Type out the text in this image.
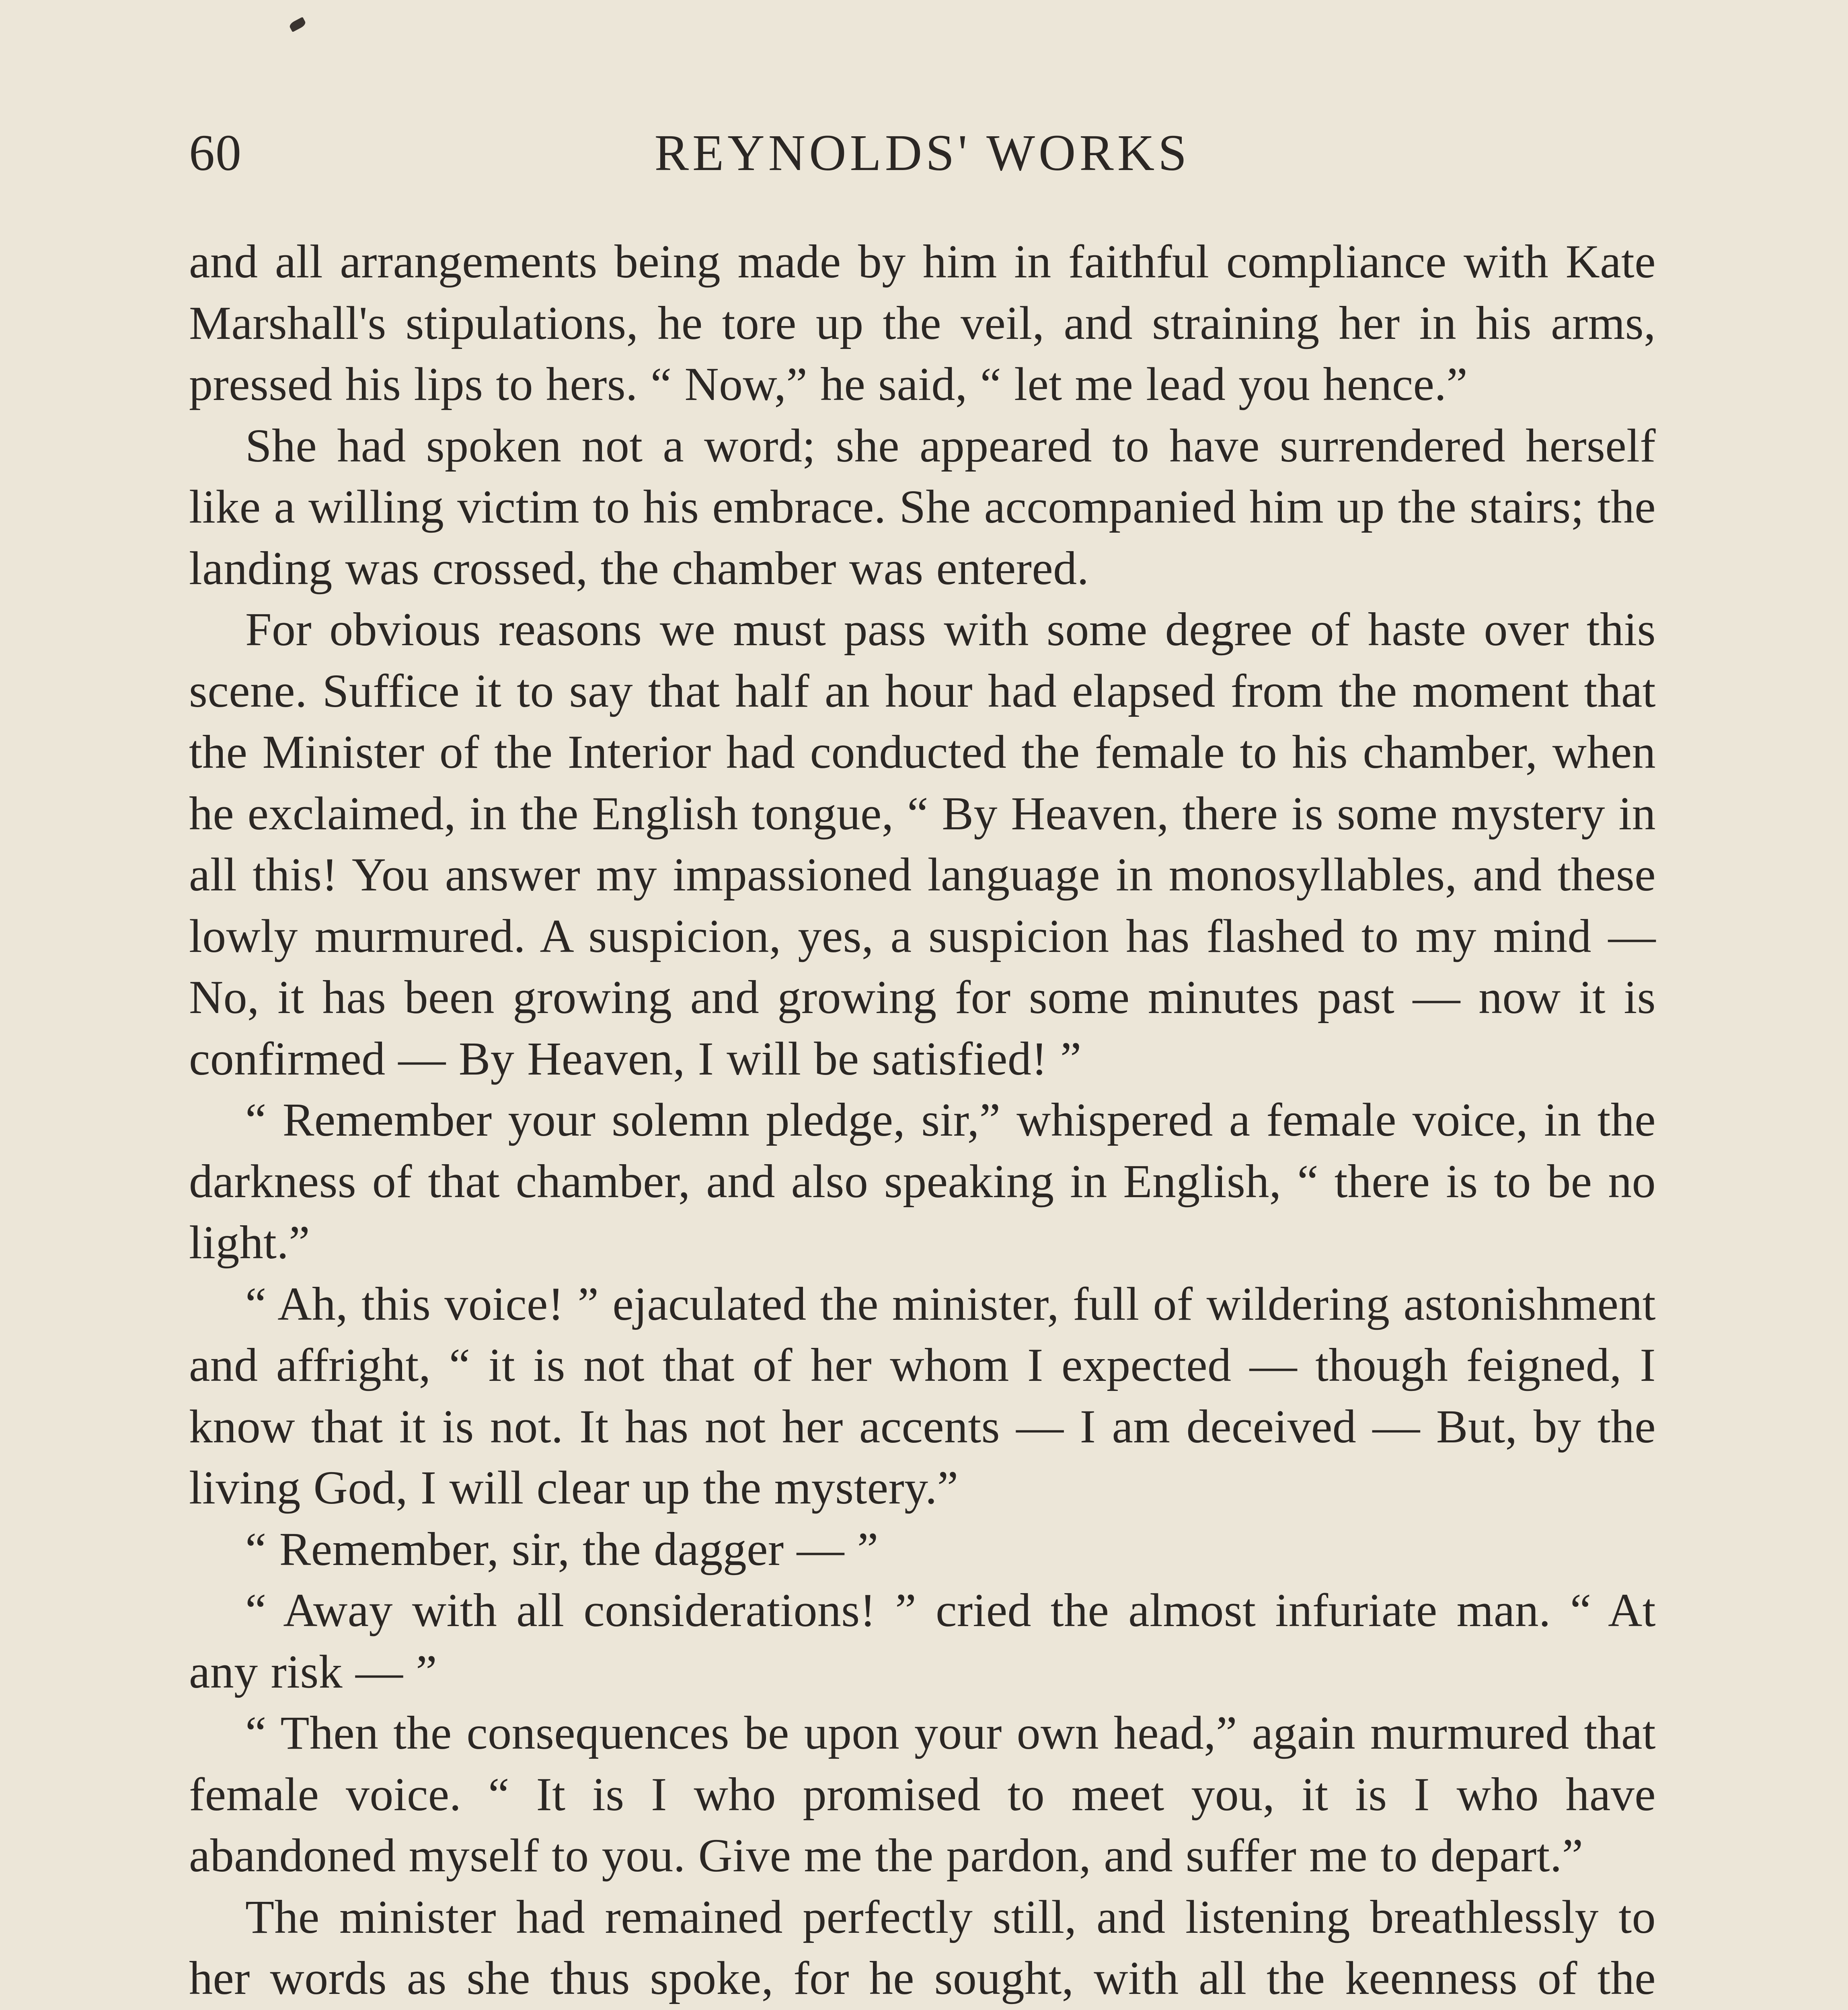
60	REYNOLDS' WORKS

and all arrangements being made by him in faithful compliance with Kate Marshall's stipulations, he tore up the veil, and straining her in his arms, pressed his lips to hers. “ Now,” he said, “ let me lead you hence.”

She had spoken not a word; she appeared to have surrendered herself like a willing victim to his embrace. She accompanied him up the stairs; the landing was crossed, the chamber was entered.

For obvious reasons we must pass with some degree of haste over this scene. Suffice it to say that half an hour had elapsed from the moment that the Minister of the Interior had conducted the female to his chamber, when he exclaimed, in the English tongue, “ By Heaven, there is some mystery in all this! You answer my impassioned language in monosyllables, and these lowly murmured. A suspicion, yes, a suspicion has flashed to my mind — No, it has been growing and growing for some minutes past — now it is confirmed — By Heaven, I will be satisfied! ”

“ Remember your solemn pledge, sir,” whispered a female voice, in the darkness of that chamber, and also speaking in English, “ there is to be no light.”

“ Ah, this voice! ” ejaculated the minister, full of wildering astonishment and affright, “ it is not that of her whom I expected — though feigned, I know that it is not. It has not her accents — I am deceived — But, by the living God, I will clear up the mystery.”

“ Remember, sir, the dagger — ”

“ Away with all considerations! ” cried the almost infuriate man. “ At any risk — ”

“ Then the consequences be upon your own head,” again murmured that female voice. “ It is I who promised to meet you, it is I who have abandoned myself to you. Give me the pardon, and suffer me to depart.”

The minister had remained perfectly still, and listening breathlessly to her words as she thus spoke, for he sought, with all the keenness of the
